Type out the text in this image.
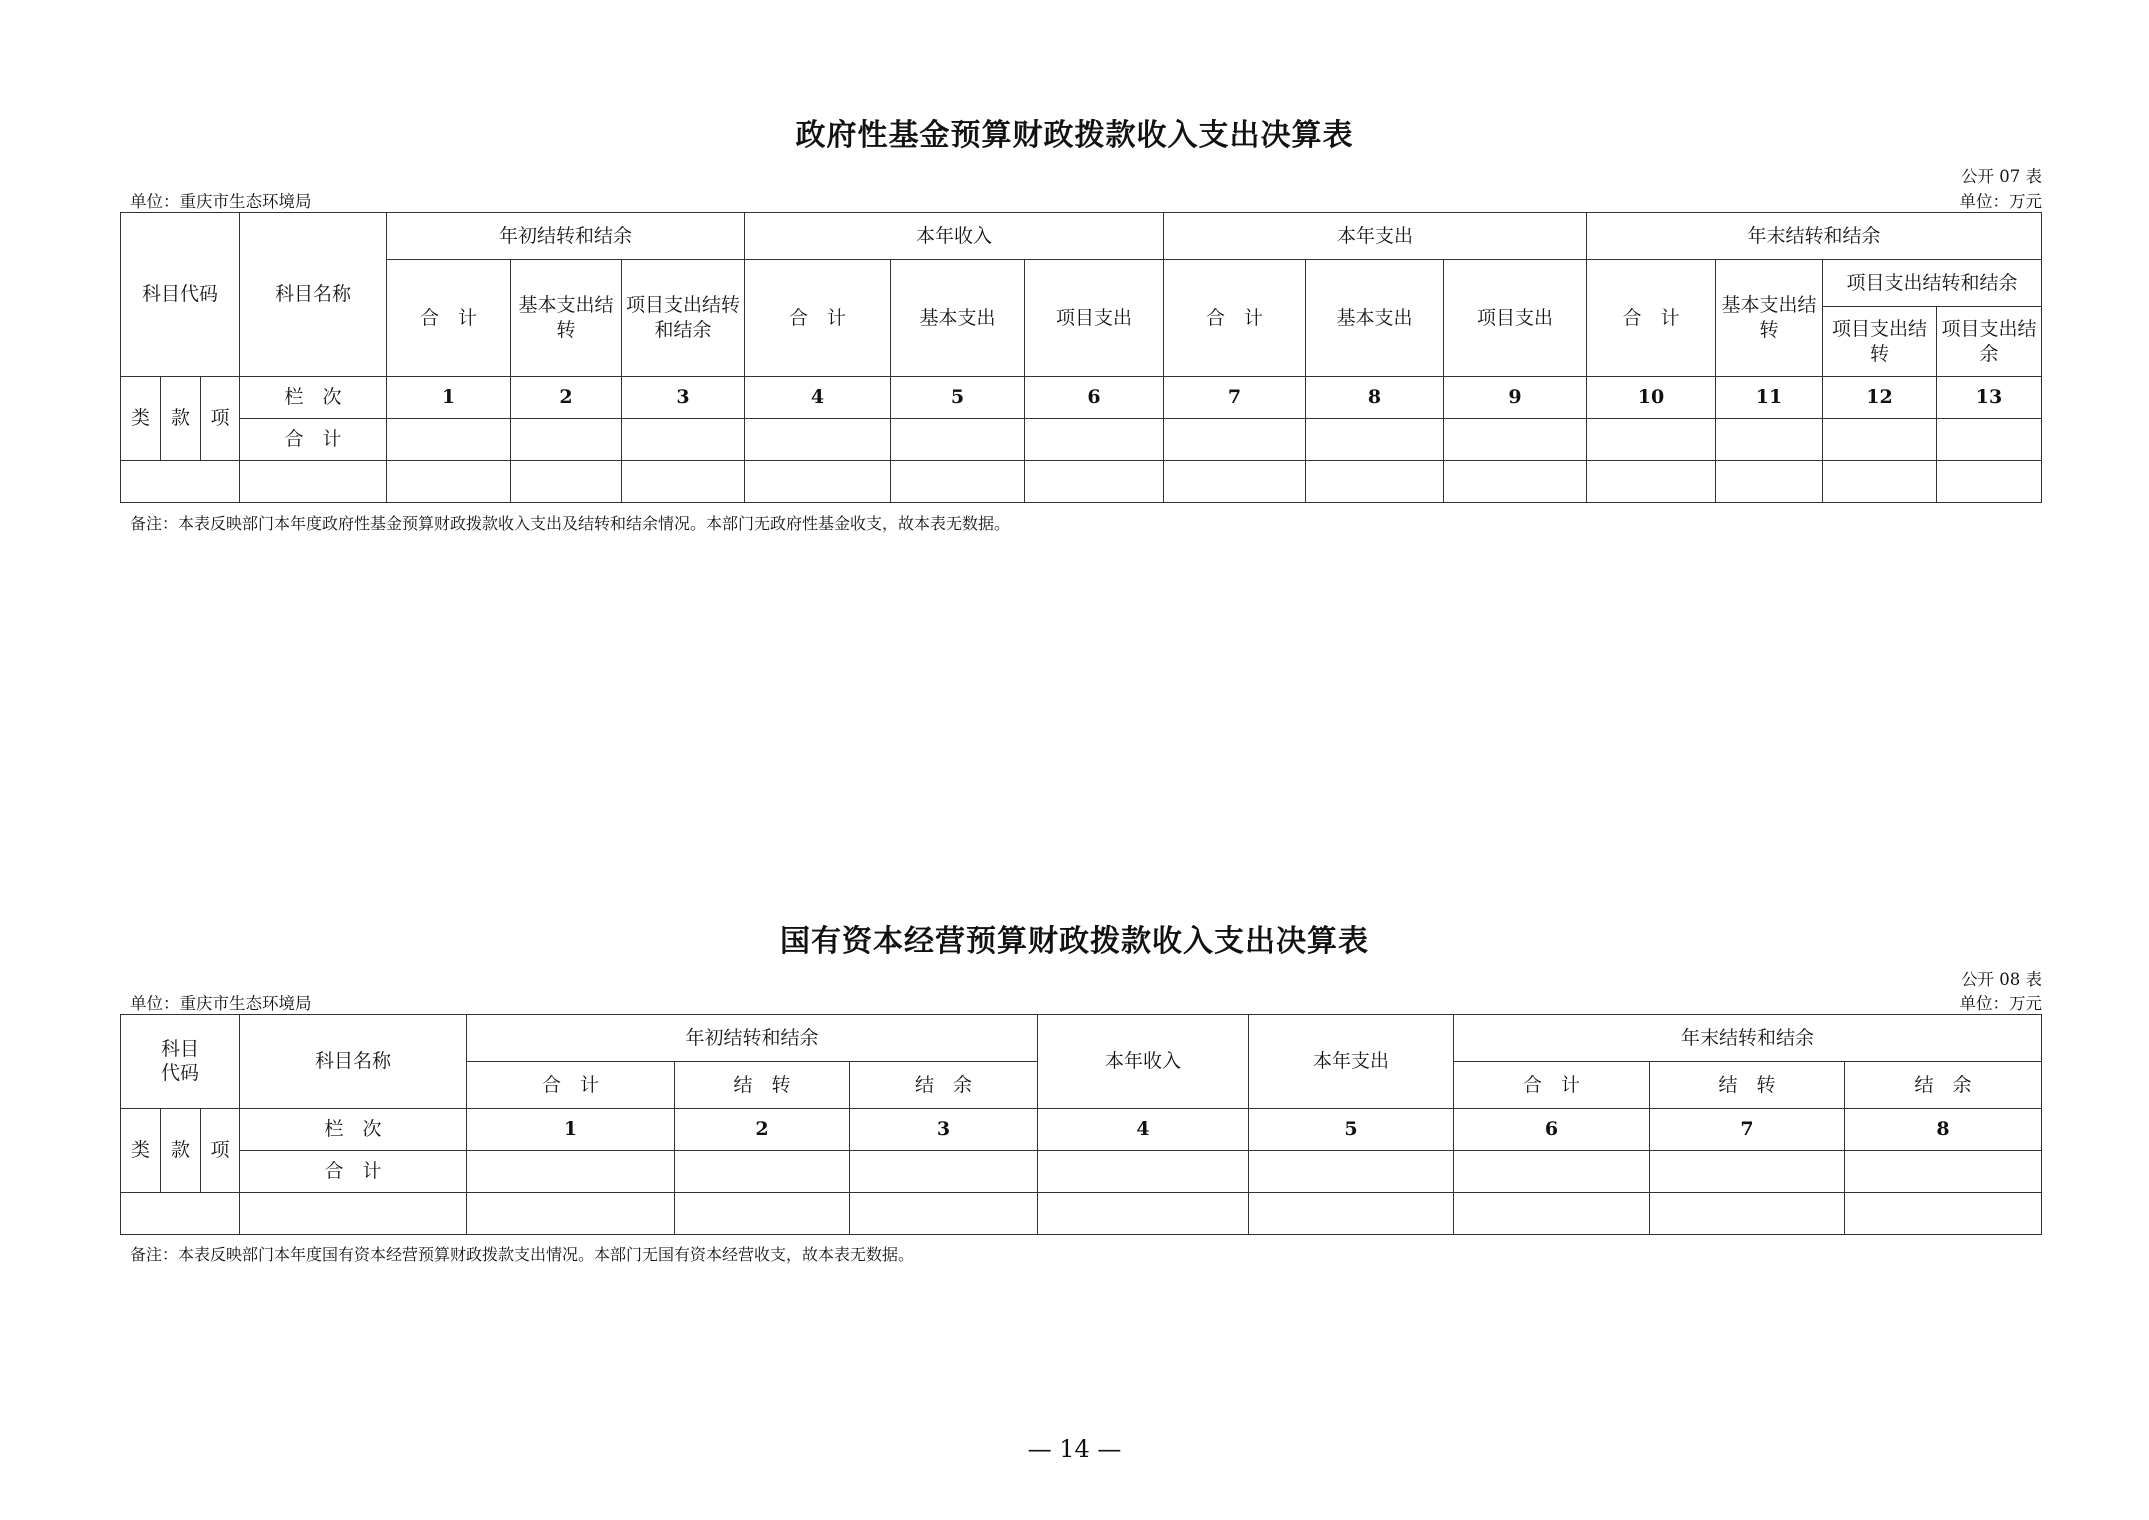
政府性基金预算财政拨款收入支出决算表
公开 07 表
单位：重庆市生态环境局	单位：万元
科目代码			科目名称	年初结转和结余			本年收入			本年支出			年末结转和结余			
				合　计	基本支出结转	项目支出结转和结余	合　计	基本支出	项目支出	合　计	基本支出	项目支出	合　计	基本支出结转	项目支出结转和结余	
															项目支出结转	项目支出结余
类	款	项	栏　次	1	2	3	4	5	6	7	8	9	10	11	12	13
			合　计													

备注：本表反映部门本年度政府性基金预算财政拨款收入支出及结转和结余情况。本部门无政府性基金收支，故本表无数据。
国有资本经营预算财政拨款收入支出决算表
公开 08 表
单位：重庆市生态环境局	单位：万元
科目代码			科目名称	年初结转和结余			本年收入	本年支出	年末结转和结余		
				合　计	结　转	结　余			合　计	结　转	结　余
类	款	项	栏　次	1	2	3	4	5	6	7	8
			合　计								

备注：本表反映部门本年度国有资本经营预算财政拨款支出情况。本部门无国有资本经营收支，故本表无数据。
— 14 —
